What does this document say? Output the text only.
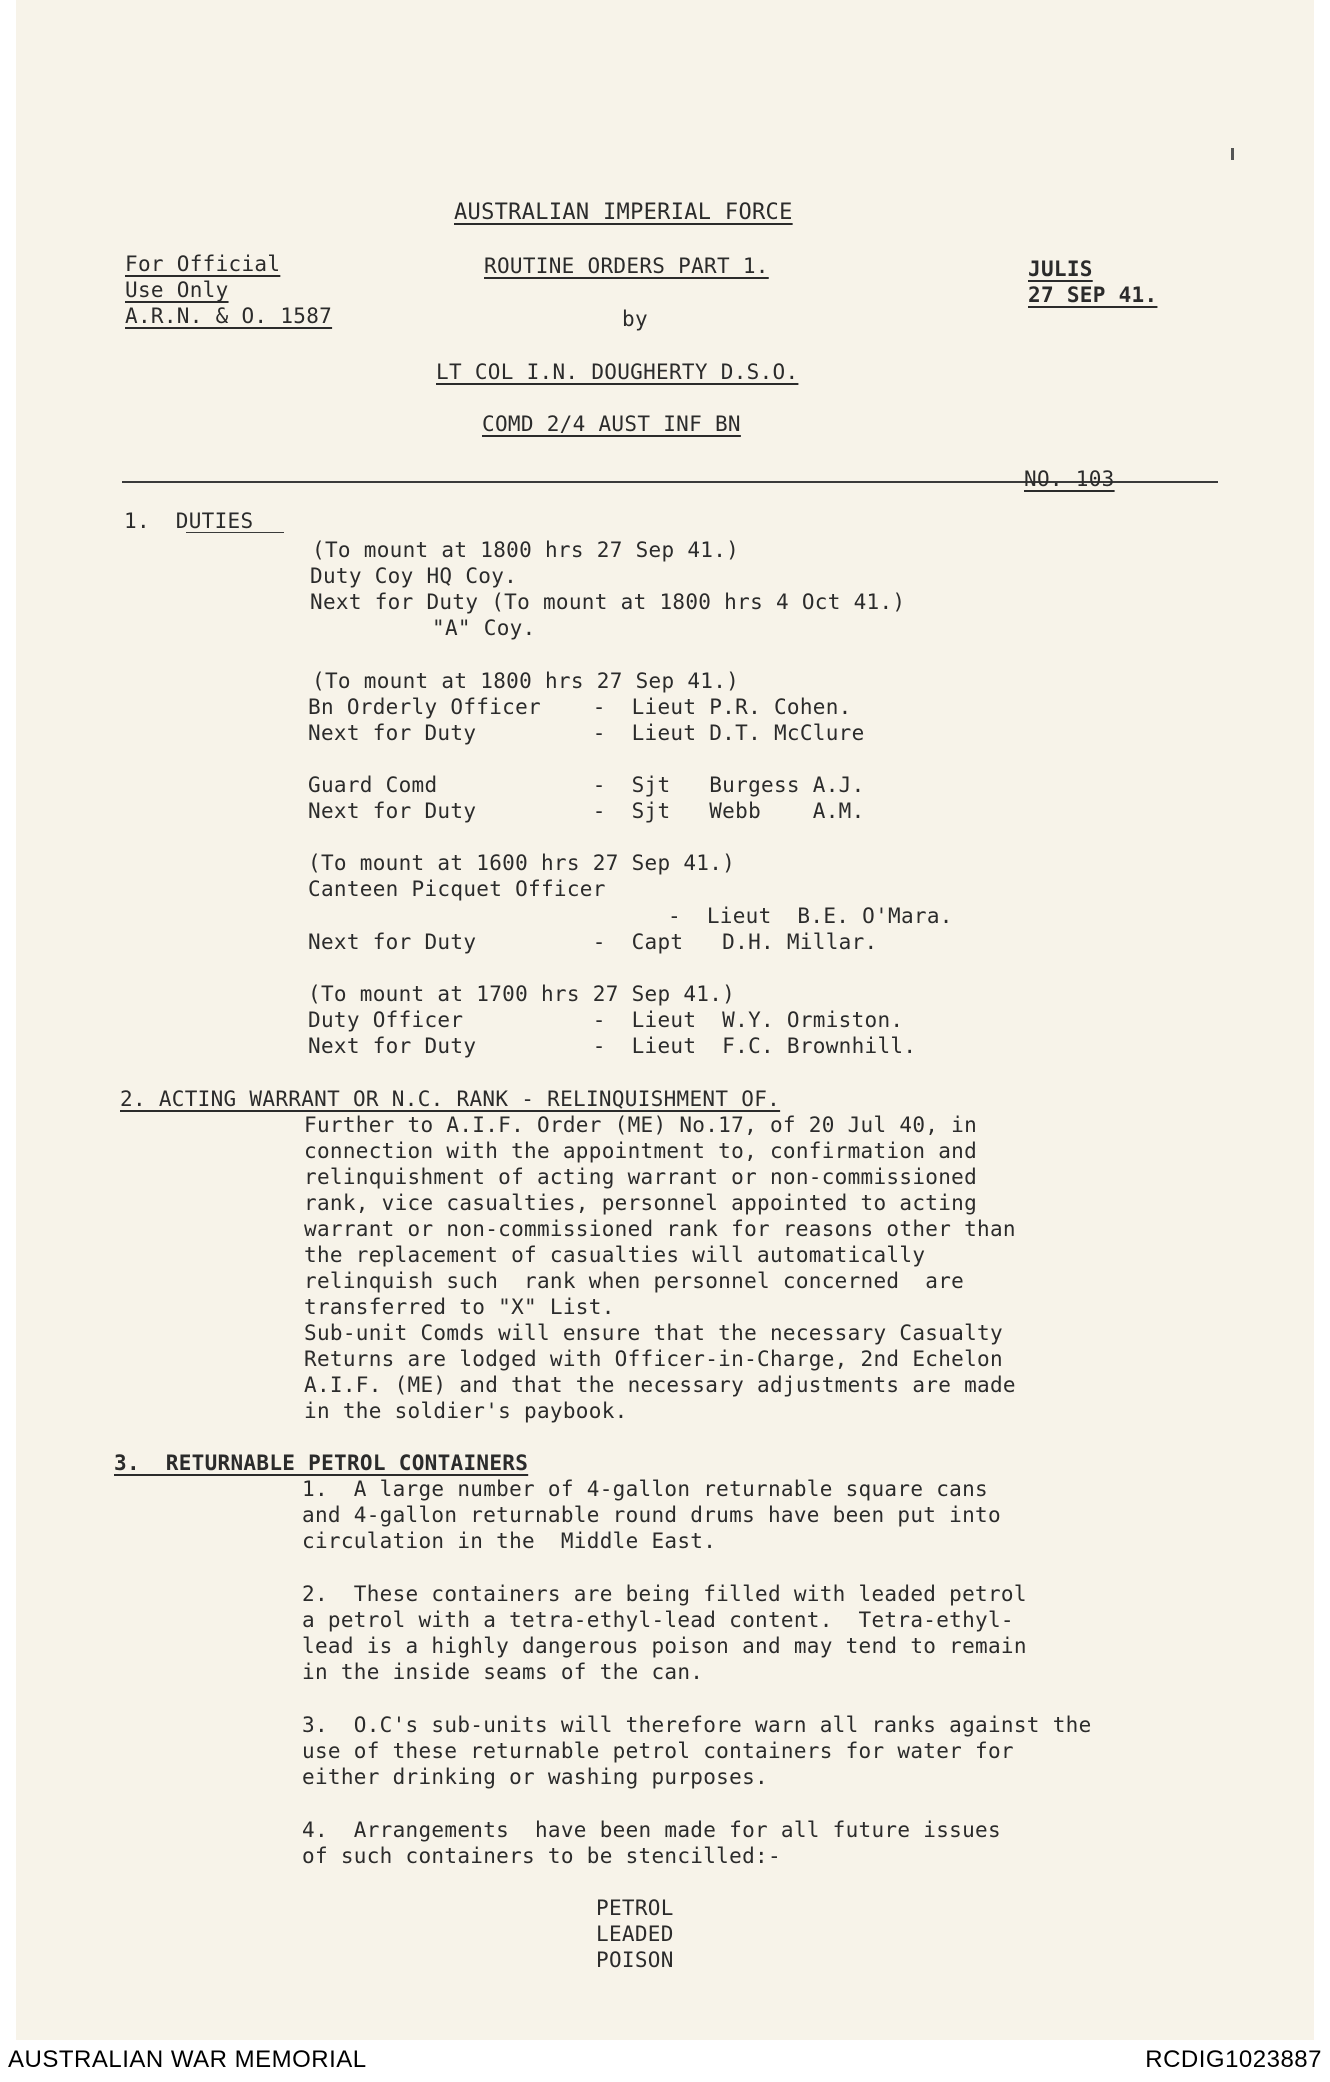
AUSTRALIAN IMPERIAL FORCE
For Official
Use Only
A.R.N. & O. 1587
ROUTINE ORDERS PART 1.
by
LT COL I.N. DOUGHERTY D.S.O.
COMD 2/4 AUST INF BN
JULIS
27 SEP 41.
NO. 103
1.  DUTIES
(To mount at 1800 hrs 27 Sep 41.)
Duty Coy HQ Coy.
Next for Duty (To mount at 1800 hrs 4 Oct 41.)
"A" Coy.
(To mount at 1800 hrs 27 Sep 41.)
Bn Orderly Officer    -  Lieut P.R. Cohen.
Next for Duty         -  Lieut D.T. McClure
Guard Comd            -  Sjt   Burgess A.J.
Next for Duty         -  Sjt   Webb    A.M.
(To mount at 1600 hrs 27 Sep 41.)
Canteen Picquet Officer
-  Lieut  B.E. O'Mara.
Next for Duty         -  Capt   D.H. Millar.
(To mount at 1700 hrs 27 Sep 41.)
Duty Officer          -  Lieut  W.Y. Ormiston.
Next for Duty         -  Lieut  F.C. Brownhill.
2. ACTING WARRANT OR N.C. RANK - RELINQUISHMENT OF.
Further to A.I.F. Order (ME) No.17, of 20 Jul 40, in
connection with the appointment to, confirmation and
relinquishment of acting warrant or non-commissioned
rank, vice casualties, personnel appointed to acting
warrant or non-commissioned rank for reasons other than
the replacement of casualties will automatically
relinquish such  rank when personnel concerned  are
transferred to "X" List.
Sub-unit Comds will ensure that the necessary Casualty
Returns are lodged with Officer-in-Charge, 2nd Echelon
A.I.F. (ME) and that the necessary adjustments are made
in the soldier's paybook.
3.  RETURNABLE PETROL CONTAINERS
1.  A large number of 4-gallon returnable square cans
and 4-gallon returnable round drums have been put into
circulation in the  Middle East.
2.  These containers are being filled with leaded petrol
a petrol with a tetra-ethyl-lead content.  Tetra-ethyl-
lead is a highly dangerous poison and may tend to remain
in the inside seams of the can.
3.  O.C's sub-units will therefore warn all ranks against the
use of these returnable petrol containers for water for
either drinking or washing purposes.
4.  Arrangements  have been made for all future issues
of such containers to be stencilled:-
PETROL
LEADED
POISON
AUSTRALIAN WAR MEMORIAL	RCDIG1023887
